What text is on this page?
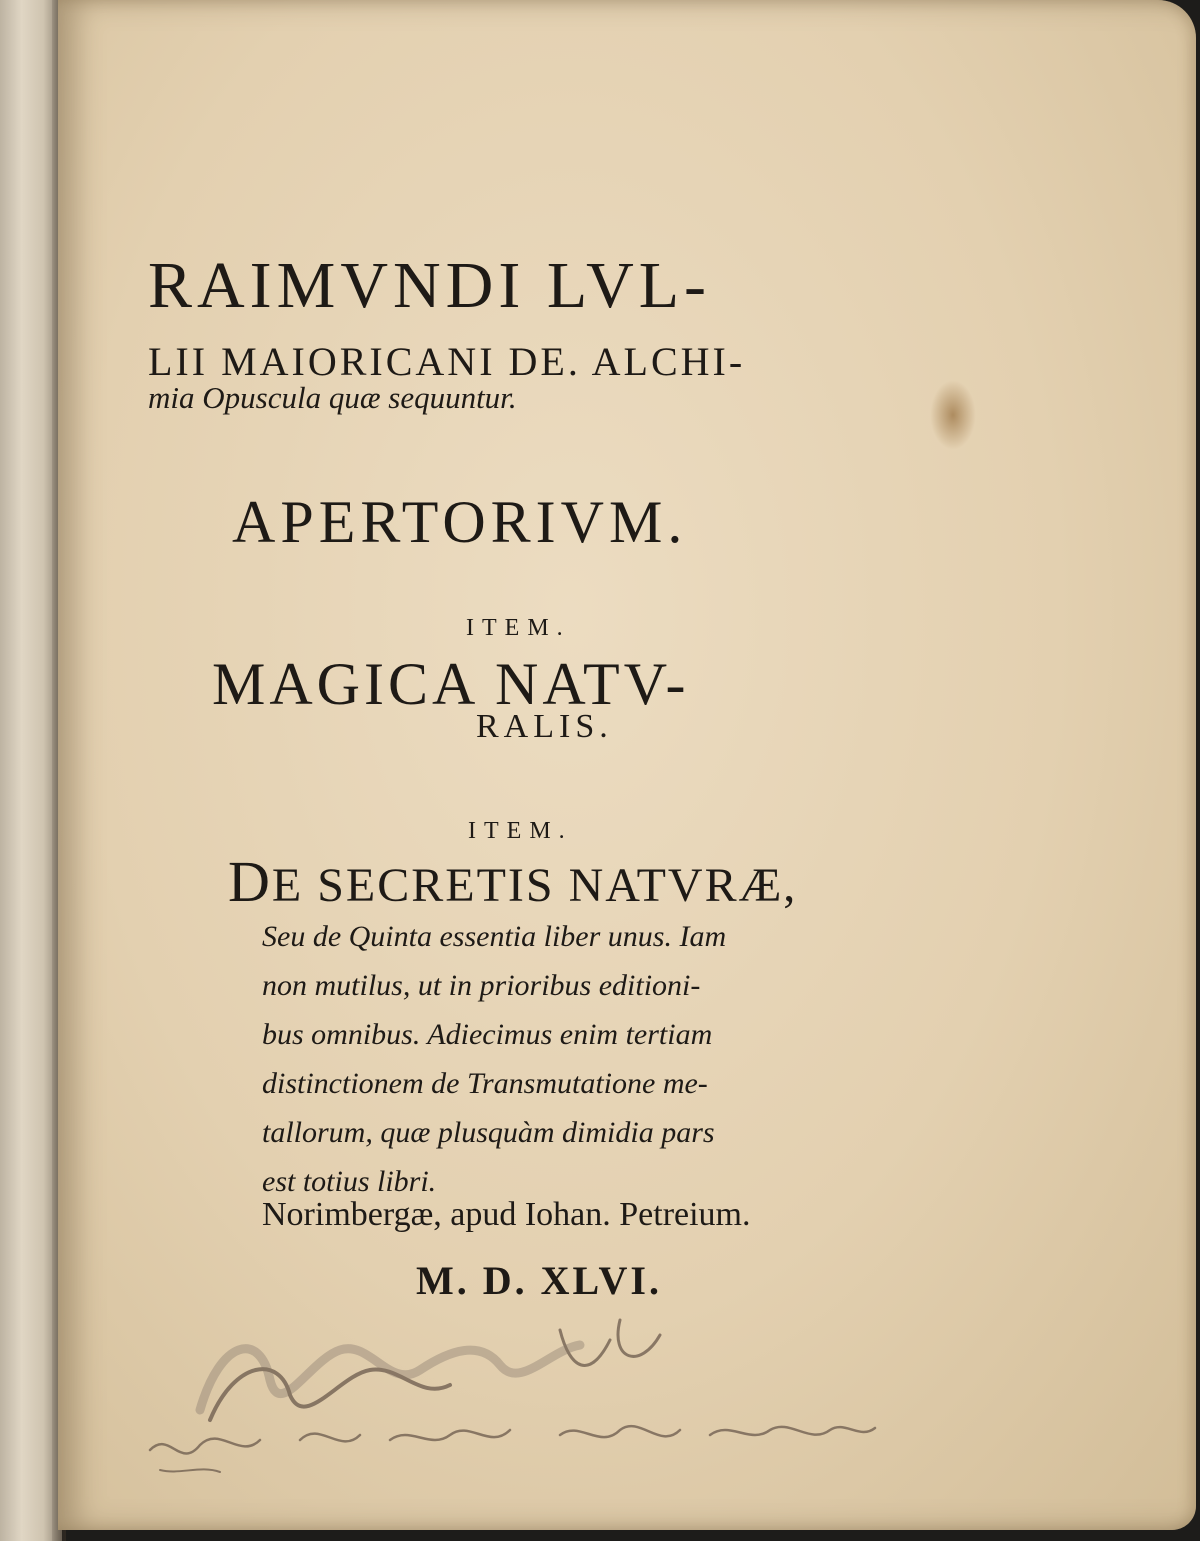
RAIMVNDI LVL-
LII MAIORICANI DE. ALCHI-
mia Opuscula quæ sequuntur.
APERTORIVM.
ITEM.
MAGICA NATV-
RALIS.
ITEM.
DE SECRETIS NATVRÆ,
Seu de Quinta essentia liber unus. Iam
non mutilus, ut in prioribus editioni-
bus omnibus. Adiecimus enim tertiam
distinctionem de Transmutatione me-
tallorum, quæ plusquàm dimidia pars
est totius libri.
Norimbergæ, apud Iohan. Petreium.
M. D. XLVI.
